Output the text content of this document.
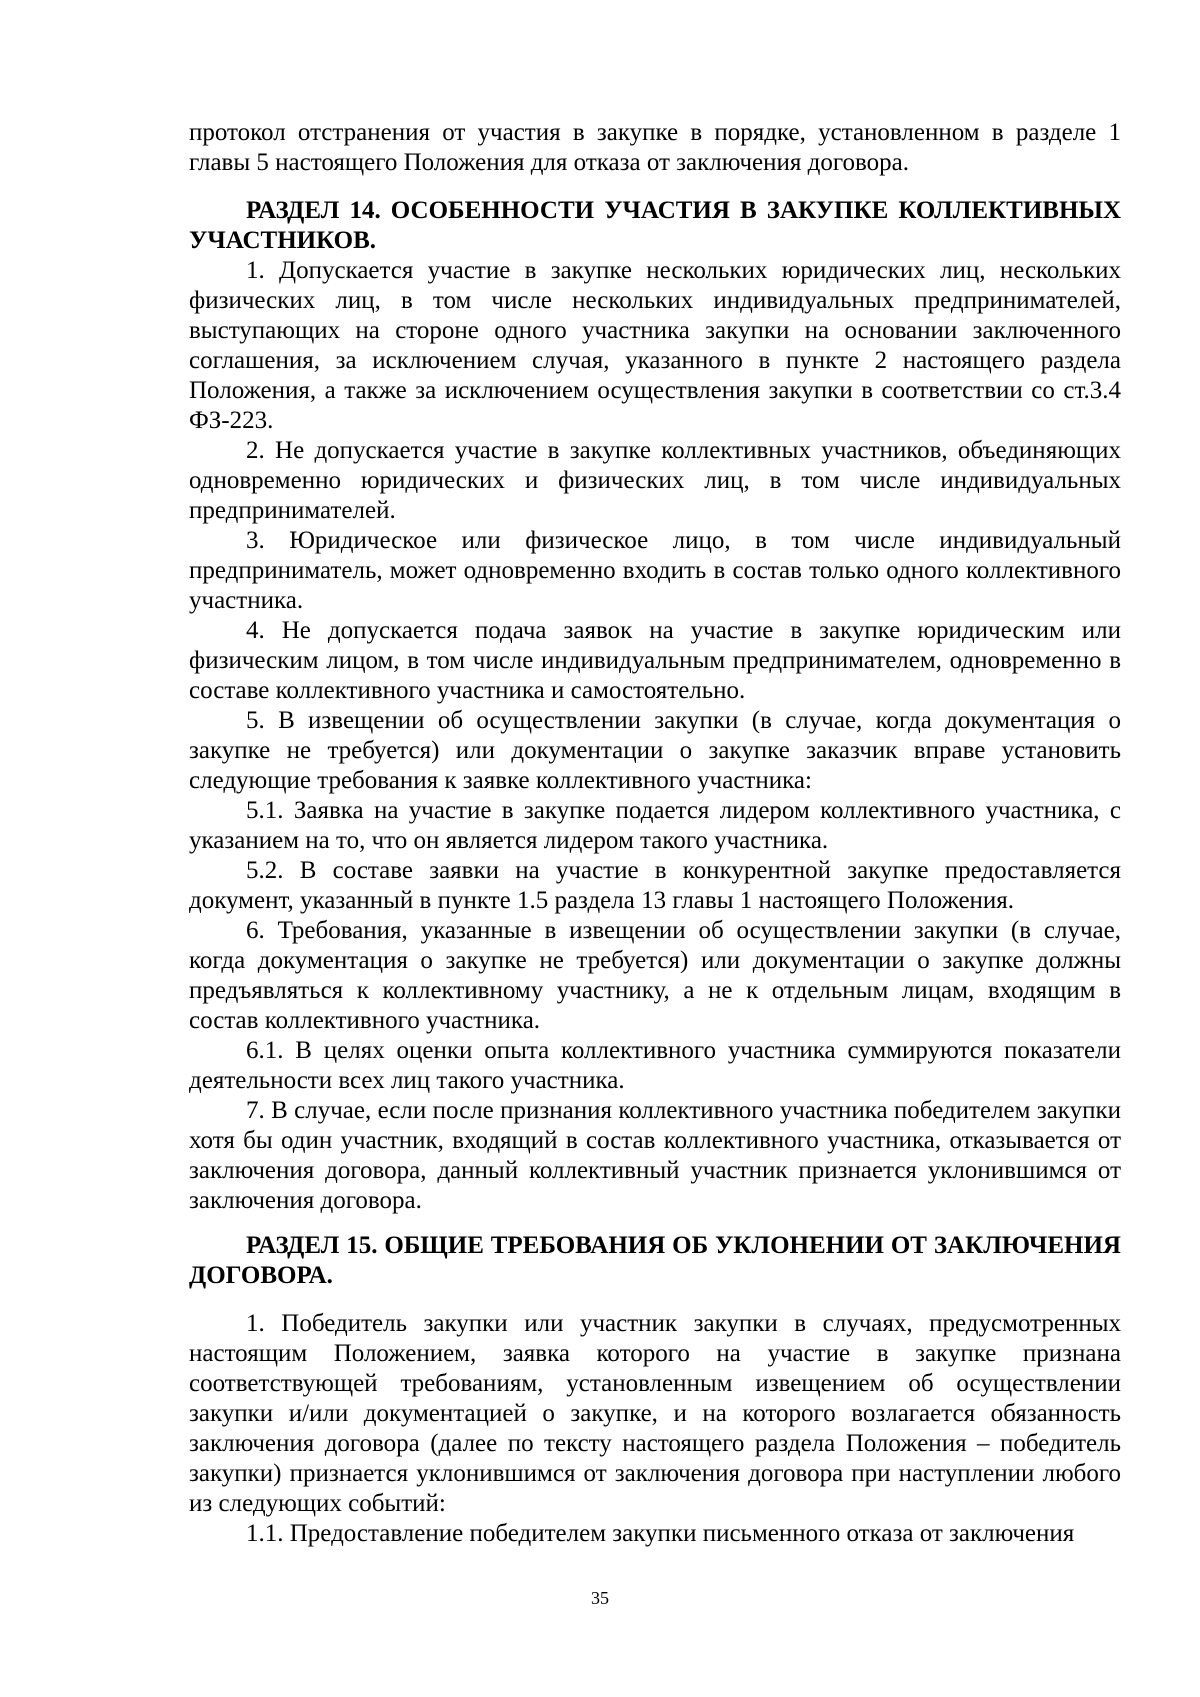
протокол отстранения от участия в закупке в порядке, установленном в разделе 1 главы 5 настоящего Положения для отказа от заключения договора.

РАЗДЕЛ 14. ОСОБЕННОСТИ УЧАСТИЯ В ЗАКУПКЕ КОЛЛЕКТИВНЫХ УЧАСТНИКОВ.

1. Допускается участие в закупке нескольких юридических лиц, нескольких физических лиц, в том числе нескольких индивидуальных предпринимателей, выступающих на стороне одного участника закупки на основании заключенного соглашения, за исключением случая, указанного в пункте 2 настоящего раздела Положения, а также за исключением осуществления закупки в соответствии со ст.3.4 ФЗ-223.

2. Не допускается участие в закупке коллективных участников, объединяющих одновременно юридических и физических лиц, в том числе индивидуальных предпринимателей.

3. Юридическое или физическое лицо, в том числе индивидуальный предприниматель, может одновременно входить в состав только одного коллективного участника.

4. Не допускается подача заявок на участие в закупке юридическим или физическим лицом, в том числе индивидуальным предпринимателем, одновременно в составе коллективного участника и самостоятельно.

5. В извещении об осуществлении закупки (в случае, когда документация о закупке не требуется) или документации о закупке заказчик вправе установить следующие требования к заявке коллективного участника:

5.1. Заявка на участие в закупке подается лидером коллективного участника, с указанием на то, что он является лидером такого участника.

5.2. В составе заявки на участие в конкурентной закупке предоставляется документ, указанный в пункте 1.5 раздела 13 главы 1 настоящего Положения.

6. Требования, указанные в извещении об осуществлении закупки (в случае, когда документация о закупке не требуется) или документации о закупке должны предъявляться к коллективному участнику, а не к отдельным лицам, входящим в состав коллективного участника.

6.1. В целях оценки опыта коллективного участника суммируются показатели деятельности всех лиц такого участника.

7. В случае, если после признания коллективного участника победителем закупки хотя бы один участник, входящий в состав коллективного участника, отказывается от заключения договора, данный коллективный участник признается уклонившимся от заключения договора.

РАЗДЕЛ 15. ОБЩИЕ ТРЕБОВАНИЯ ОБ УКЛОНЕНИИ ОТ ЗАКЛЮЧЕНИЯ ДОГОВОРА.

1. Победитель закупки или участник закупки в случаях, предусмотренных настоящим Положением, заявка которого на участие в закупке признана соответствующей требованиям, установленным извещением об осуществлении закупки и/или документацией о закупке, и на которого возлагается обязанность заключения договора (далее по тексту настоящего раздела Положения – победитель закупки) признается уклонившимся от заключения договора при наступлении любого из следующих событий:

1.1. Предоставление победителем закупки письменного отказа от заключения

35
